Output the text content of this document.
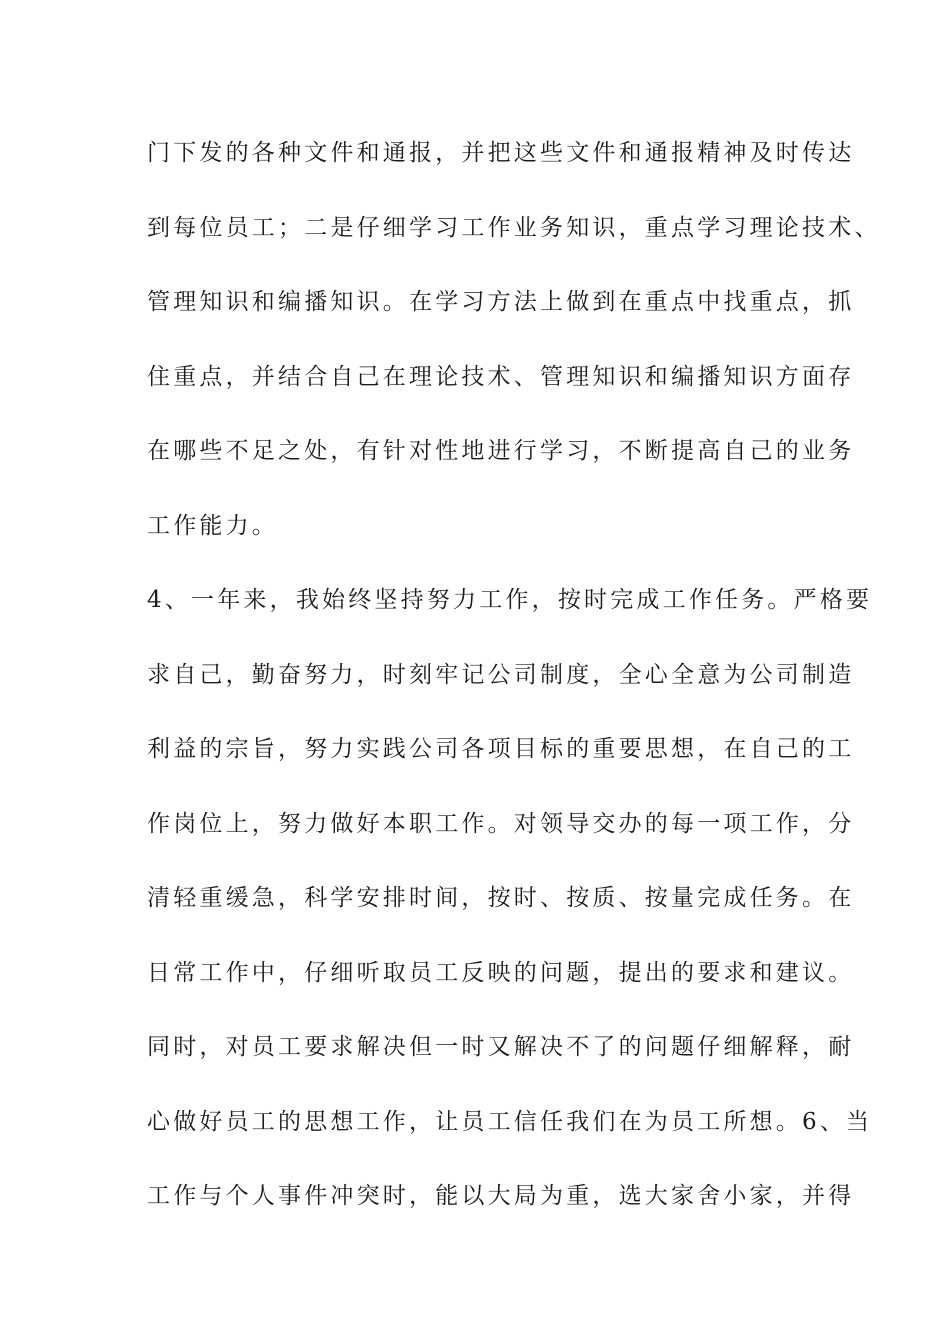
门下发的各种文件和通报，并把这些文件和通报精神及时传达
到每位员工；二是仔细学习工作业务知识，重点学习理论技术、
管理知识和编播知识。在学习方法上做到在重点中找重点，抓
住重点，并结合自己在理论技术、管理知识和编播知识方面存
在哪些不足之处，有针对性地进行学习，不断提高自己的业务
工作能力。
4、一年来，我始终坚持努力工作，按时完成工作任务。严格要
求自己，勤奋努力，时刻牢记公司制度，全心全意为公司制造
利益的宗旨，努力实践公司各项目标的重要思想，在自己的工
作岗位上，努力做好本职工作。对领导交办的每一项工作，分
清轻重缓急，科学安排时间，按时、按质、按量完成任务。在
日常工作中，仔细听取员工反映的问题，提出的要求和建议。
同时，对员工要求解决但一时又解决不了的问题仔细解释，耐
心做好员工的思想工作，让员工信任我们在为员工所想。6、当
工作与个人事件冲突时，能以大局为重，选大家舍小家，并得
